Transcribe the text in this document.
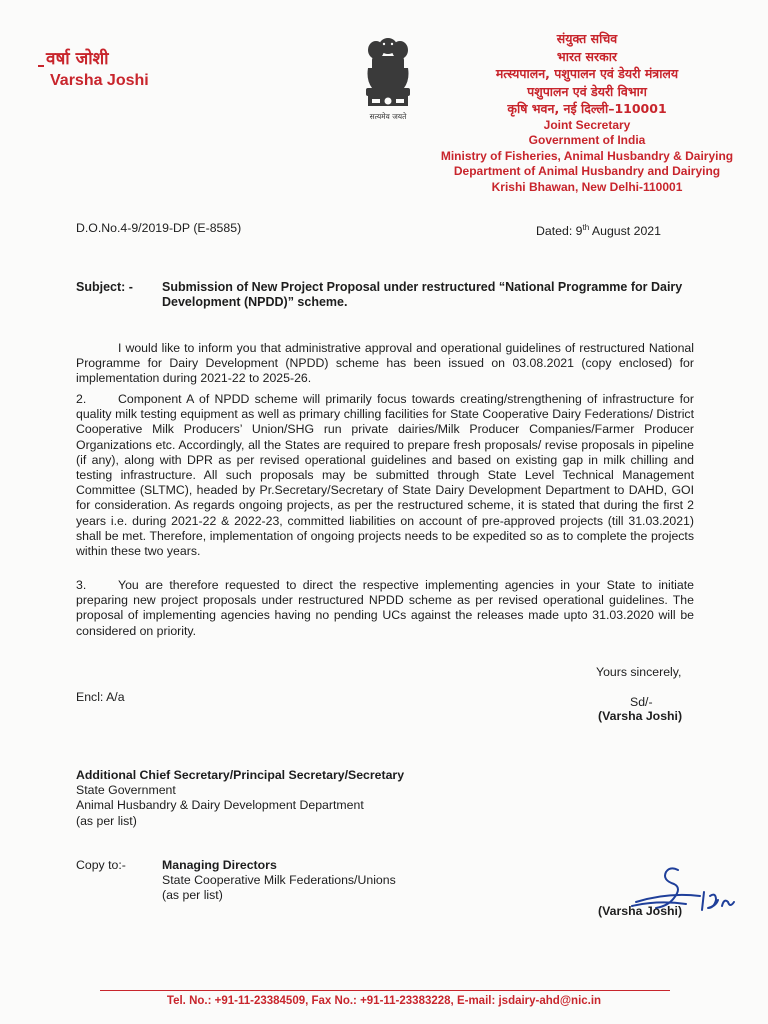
वर्षा जोशी
Varsha Joshi
सत्यमेव जयते
संयुक्त सचिव
भारत सरकार
मत्स्यपालन, पशुपालन एवं डेयरी मंत्रालय
पशुपालन एवं डेयरी विभाग
कृषि भवन, नई दिल्ली–110001
Joint Secretary
Government of India
Ministry of Fisheries, Animal Husbandry & Dairying
Department of Animal Husbandry and Dairying
Krishi Bhawan, New Delhi-110001
D.O.No.4-9/2019-DP (E-8585)	Dated: 9th August 2021
Subject: - Submission of New Project Proposal under restructured “National Programme for Dairy Development (NPDD)” scheme.
I would like to inform you that administrative approval and operational guidelines of restructured National Programme for Dairy Development (NPDD) scheme has been issued on 03.08.2021 (copy enclosed) for implementation during 2021-22 to 2025-26.
2.	Component A of NPDD scheme will primarily focus towards creating/strengthening of infrastructure for quality milk testing equipment as well as primary chilling facilities for State Cooperative Dairy Federations/ District Cooperative Milk Producers’ Union/SHG run private dairies/Milk Producer Companies/Farmer Producer Organizations etc. Accordingly, all the States are required to prepare fresh proposals/ revise proposals in pipeline (if any), along with DPR as per revised operational guidelines and based on existing gap in milk chilling and testing infrastructure. All such proposals may be submitted through State Level Technical Management Committee (SLTMC), headed by Pr.Secretary/Secretary of State Dairy Development Department to DAHD, GOI for consideration. As regards ongoing projects, as per the restructured scheme, it is stated that during the first 2 years i.e. during 2021-22 & 2022-23, committed liabilities on account of pre-approved projects (till 31.03.2021) shall be met. Therefore, implementation of ongoing projects needs to be expedited so as to complete the projects within these two years.
3.	You are therefore requested to direct the respective implementing agencies in your State to initiate preparing new project proposals under restructured NPDD scheme as per revised operational guidelines. The proposal of implementing agencies having no pending UCs against the releases made upto 31.03.2020 will be considered on priority.
Yours sincerely,
Encl: A/a	Sd/-
(Varsha Joshi)
Additional Chief Secretary/Principal Secretary/Secretary
State Government
Animal Husbandry & Dairy Development Department
(as per list)
Copy to:-	Managing Directors
State Cooperative Milk Federations/Unions
(as per list)
(Varsha Joshi)
Tel. No.: +91-11-23384509, Fax No.: +91-11-23383228, E-mail: jsdairy-ahd@nic.in
